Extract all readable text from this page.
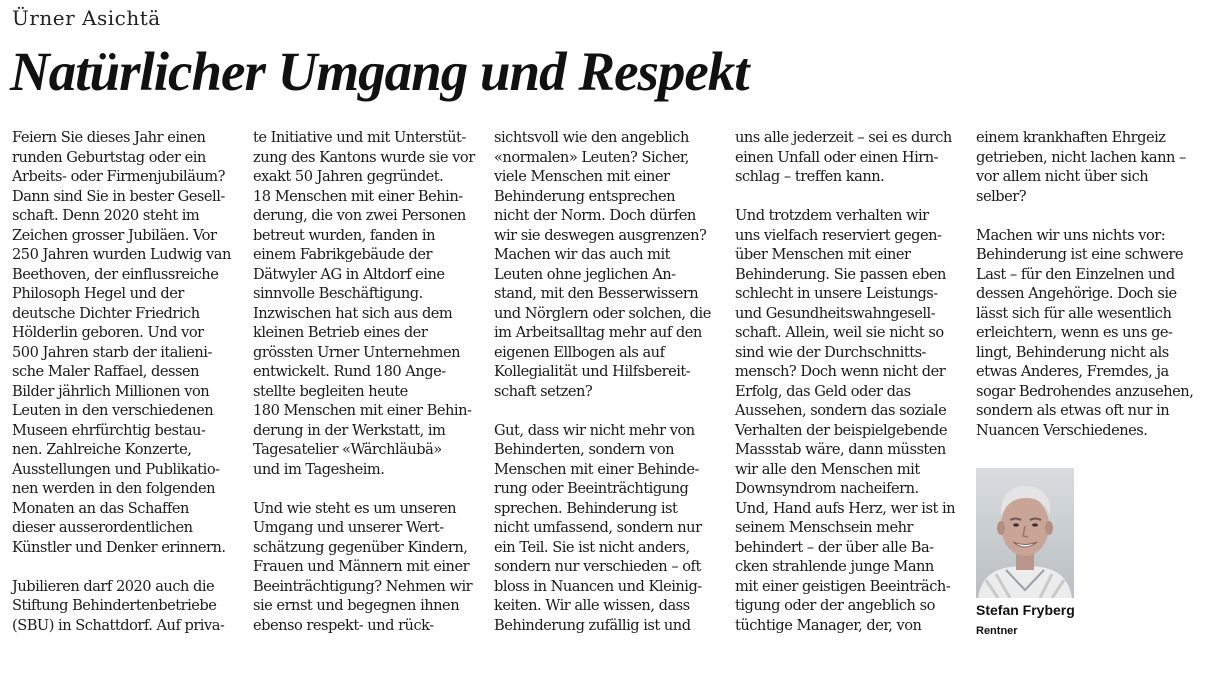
Ürner Asichtä
Natürlicher Umgang und Respekt

Feiern Sie dieses Jahr einen
runden Geburtstag oder ein
Arbeits- oder Firmenjubiläum?
Dann sind Sie in bester Gesell-
schaft. Denn 2020 steht im
Zeichen grosser Jubiläen. Vor
250 Jahren wurden Ludwig van
Beethoven, der einflussreiche
Philosoph Hegel und der
deutsche Dichter Friedrich
Hölderlin geboren. Und vor
500 Jahren starb der italieni-
sche Maler Raffael, dessen
Bilder jährlich Millionen von
Leuten in den verschiedenen
Museen ehrfürchtig bestau-
nen. Zahlreiche Konzerte,
Ausstellungen und Publikatio-
nen werden in den folgenden
Monaten an das Schaffen
dieser ausserordentlichen
Künstler und Denker erinnern.

Jubilieren darf 2020 auch die
Stiftung Behindertenbetriebe
(SBU) in Schattdorf. Auf priva-

te Initiative und mit Unterstüt-
zung des Kantons wurde sie vor
exakt 50 Jahren gegründet.
18 Menschen mit einer Behin-
derung, die von zwei Personen
betreut wurden, fanden in
einem Fabrikgebäude der
Dätwyler AG in Altdorf eine
sinnvolle Beschäftigung.
Inzwischen hat sich aus dem
kleinen Betrieb eines der
grössten Urner Unternehmen
entwickelt. Rund 180 Ange-
stellte begleiten heute
180 Menschen mit einer Behin-
derung in der Werkstatt, im
Tagesatelier «Wärchläubä»
und im Tagesheim.

Und wie steht es um unseren
Umgang und unserer Wert-
schätzung gegenüber Kindern,
Frauen und Männern mit einer
Beeinträchtigung? Nehmen wir
sie ernst und begegnen ihnen
ebenso respekt- und rück-

sichtsvoll wie den angeblich
«normalen» Leuten? Sicher,
viele Menschen mit einer
Behinderung entsprechen
nicht der Norm. Doch dürfen
wir sie deswegen ausgrenzen?
Machen wir das auch mit
Leuten ohne jeglichen An-
stand, mit den Besserwissern
und Nörglern oder solchen, die
im Arbeitsalltag mehr auf den
eigenen Ellbogen als auf
Kollegialität und Hilfsbereit-
schaft setzen?

Gut, dass wir nicht mehr von
Behinderten, sondern von
Menschen mit einer Behinde-
rung oder Beeinträchtigung
sprechen. Behinderung ist
nicht umfassend, sondern nur
ein Teil. Sie ist nicht anders,
sondern nur verschieden – oft
bloss in Nuancen und Kleinig-
keiten. Wir alle wissen, dass
Behinderung zufällig ist und

uns alle jederzeit – sei es durch
einen Unfall oder einen Hirn-
schlag – treffen kann.

Und trotzdem verhalten wir
uns vielfach reserviert gegen-
über Menschen mit einer
Behinderung. Sie passen eben
schlecht in unsere Leistungs-
und Gesundheitswahngesell-
schaft. Allein, weil sie nicht so
sind wie der Durchschnitts-
mensch? Doch wenn nicht der
Erfolg, das Geld oder das
Aussehen, sondern das soziale
Verhalten der beispielgebende
Massstab wäre, dann müssten
wir alle den Menschen mit
Downsyndrom nacheifern.
Und, Hand aufs Herz, wer ist in
seinem Menschsein mehr
behindert – der über alle Ba-
cken strahlende junge Mann
mit einer geistigen Beeinträch-
tigung oder der angeblich so
tüchtige Manager, der, von

einem krankhaften Ehrgeiz
getrieben, nicht lachen kann –
vor allem nicht über sich
selber?

Machen wir uns nichts vor:
Behinderung ist eine schwere
Last – für den Einzelnen und
dessen Angehörige. Doch sie
lässt sich für alle wesentlich
erleichtern, wenn es uns ge-
lingt, Behinderung nicht als
etwas Anderes, Fremdes, ja
sogar Bedrohendes anzusehen,
sondern als etwas oft nur in
Nuancen Verschiedenes.

Stefan Fryberg
Rentner
